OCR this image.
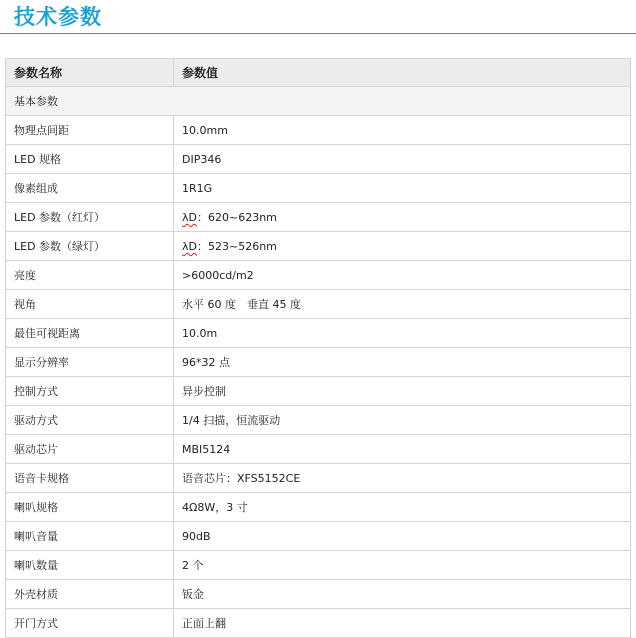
技术参数
参数名称	参数值
基本参数	
物理点间距	10.0mm
LED 规格	DIP346
像素组成	1R1G
LED 参数（红灯）	λD：620~623nm
LED 参数（绿灯）	λD：523~526nm
亮度	>6000cd/m2
视角	水平 60 度　垂直 45 度
最佳可视距离	10.0m
显示分辨率	96*32 点
控制方式	异步控制
驱动方式	1/4 扫描，恒流驱动
驱动芯片	MBI5124
语音卡规格	语音芯片：XFS5152CE
喇叭规格	4Ω8W，3 寸
喇叭音量	90dB
喇叭数量	2 个
外壳材质	钣金
开门方式	正面上翻
